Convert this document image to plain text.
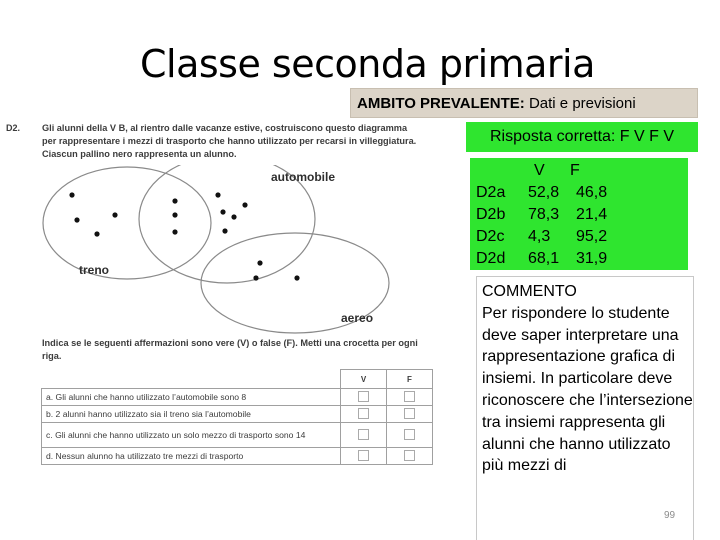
Classe seconda primaria
AMBITO PREVALENTE: Dati e previsioni
Risposta corretta: F V F V
V F
D2a 52,8 46,8
D2b 78,3 21,4
D2c 4,3 95,2
D2d 68,1 31,9
COMMENTO
Per rispondere lo studente deve saper interpretare una rappresentazione grafica di insiemi. In particolare deve riconoscere che l’intersezione tra insiemi rappresenta gli alunni che hanno utilizzato più mezzi di
99
D2. Gli alunni della V B, al rientro dalle vacanze estive, costruiscono questo diagramma per rappresentare i mezzi di trasporto che hanno utilizzato per recarsi in villeggiatura. Ciascun pallino nero rappresenta un alunno.
automobile
treno
aereo
Indica se le seguenti affermazioni sono vere (V) o false (F). Metti una crocetta per ogni riga.
	V	F
a. Gli alunni che hanno utilizzato l’automobile sono 8		
b. 2 alunni hanno utilizzato sia il treno sia l’automobile		
c. Gli alunni che hanno utilizzato un solo mezzo di trasporto sono 14		
d. Nessun alunno ha utilizzato tre mezzi di trasporto		
